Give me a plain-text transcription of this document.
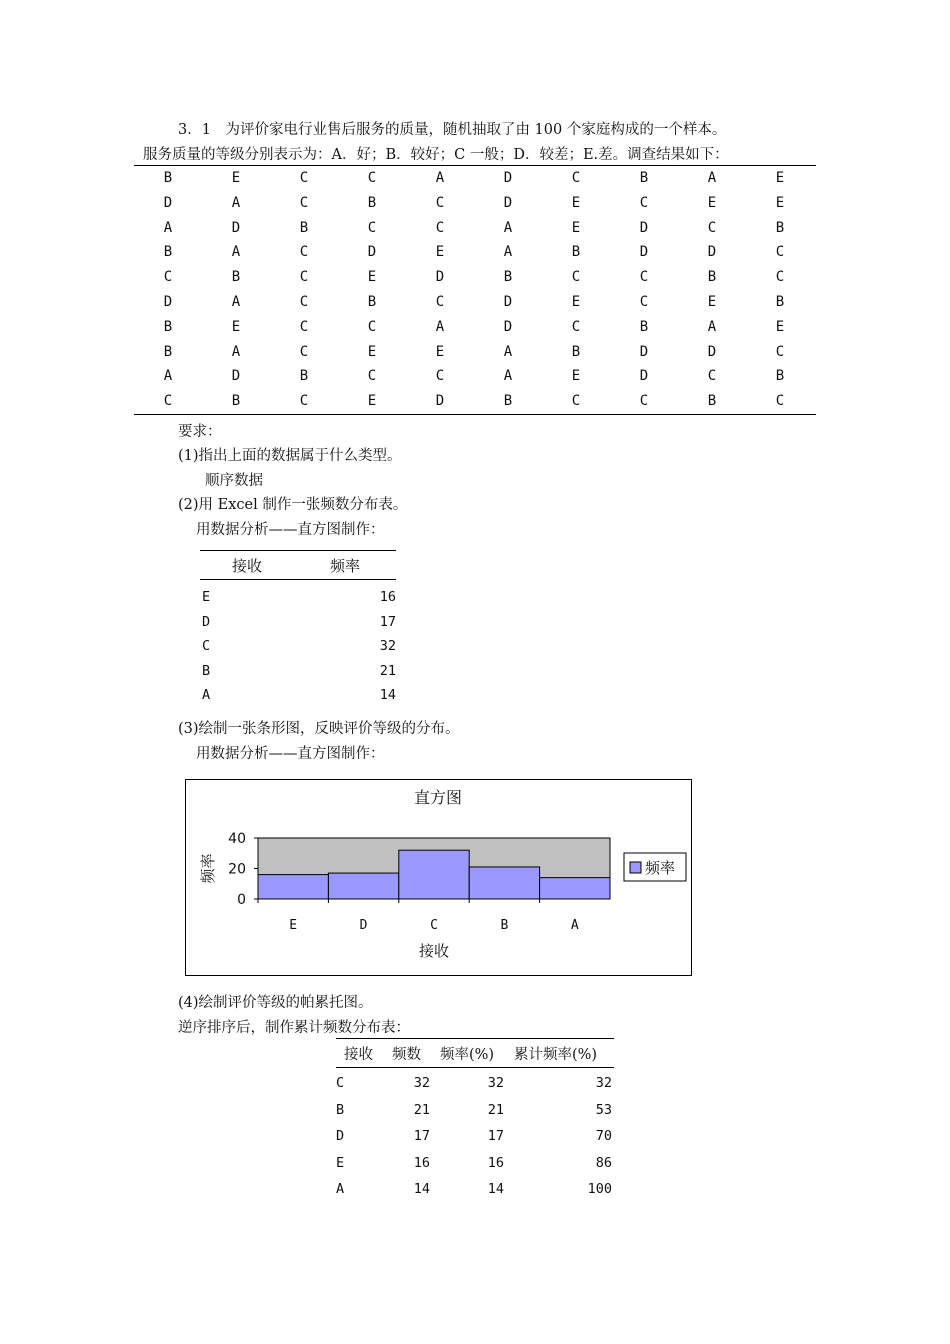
3．1　为评价家电行业售后服务的质量，随机抽取了由 100 个家庭构成的一个样本。
服务质量的等级分别表示为：A．好；B．较好；C 一般；D．较差；E.差。调查结果如下：
B	E	C	C	A	D	C	B	A	E
D	A	C	B	C	D	E	C	E	E
A	D	B	C	C	A	E	D	C	B
B	A	C	D	E	A	B	D	D	C
C	B	C	E	D	B	C	C	B	C
D	A	C	B	C	D	E	C	E	B
B	E	C	C	A	D	C	B	A	E
B	A	C	E	E	A	B	D	D	C
A	D	B	C	C	A	E	D	C	B
C	B	C	E	D	B	C	C	B	C
要求：
(1)指出上面的数据属于什么类型。
顺序数据
(2)用 Excel 制作一张频数分布表。
用数据分析——直方图制作：
接收	频率
E	16
D	17
C	32
B	21
A	14
(3)绘制一张条形图，反映评价等级的分布。
用数据分析——直方图制作：
直方图
0
20
40
E	D	C	B	A
接收
频率	频率
(4)绘制评价等级的帕累托图。
逆序排序后，制作累计频数分布表：
接收 频数 频率(%) 累计频率(%)
C	32	32	32
B	21	21	53
D	17	17	70
E	16	16	86
A	14	14	100
